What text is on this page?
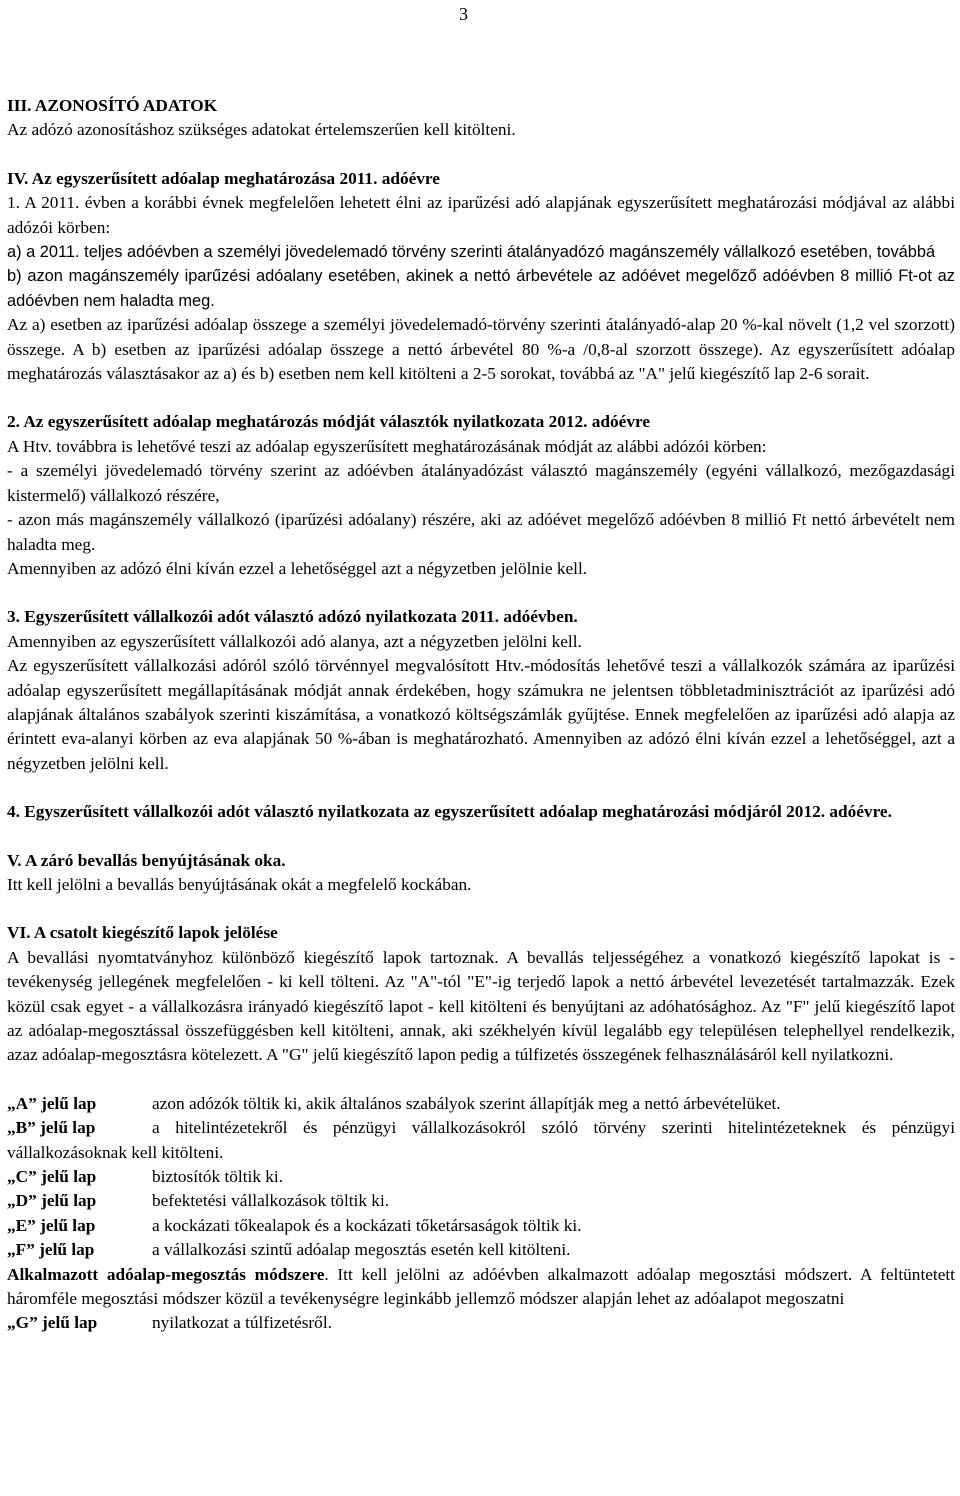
3
III. AZONOSÍTÓ ADATOK

Az adózó azonosításhoz szükséges adatokat értelemszerűen kell kitölteni.

IV. Az egyszerűsített adóalap meghatározása 2011. adóévre

1. A 2011. évben a korábbi évnek megfelelően lehetett élni az iparűzési adó alapjának egyszerűsített meghatározási módjával az alábbi adózói körben:

a) a 2011. teljes adóévben a személyi jövedelemadó törvény szerinti átalányadózó magánszemély vállalkozó esetében, továbbá

b) azon magánszemély iparűzési adóalany esetében, akinek a nettó árbevétele az adóévet megelőző adóévben 8 millió Ft-ot az adóévben nem haladta meg.

Az a) esetben az iparűzési adóalap összege a személyi jövedelemadó-törvény szerinti átalányadó-alap 20 %-kal növelt (1,2 vel szorzott) összege. A b) esetben az iparűzési adóalap összege a nettó árbevétel 80 %-a /0,8-al szorzott összege). Az egyszerűsített adóalap meghatározás választásakor az a) és b) esetben nem kell kitölteni a 2-5 sorokat, továbbá az "A" jelű kiegészítő lap 2-6 sorait.

2. Az egyszerűsített adóalap meghatározás módját választók nyilatkozata 2012. adóévre

A Htv. továbbra is lehetővé teszi az adóalap egyszerűsített meghatározásának módját az alábbi adózói körben:

- a személyi jövedelemadó törvény szerint az adóévben átalányadózást választó magánszemély (egyéni vállalkozó, mezőgazdasági kistermelő) vállalkozó részére,

- azon más magánszemély vállalkozó (iparűzési adóalany) részére, aki az adóévet megelőző adóévben 8 millió Ft nettó árbevételt nem haladta meg.

Amennyiben az adózó élni kíván ezzel a lehetőséggel azt a négyzetben jelölnie kell.

3. Egyszerűsített vállalkozói adót választó adózó nyilatkozata 2011. adóévben.

Amennyiben az egyszerűsített vállalkozói adó alanya, azt a négyzetben jelölni kell.

Az egyszerűsített vállalkozási adóról szóló törvénnyel megvalósított Htv.-módosítás lehetővé teszi a vállalkozók számára az iparűzési adóalap egyszerűsített megállapításának módját annak érdekében, hogy számukra ne jelentsen többletadminisztrációt az iparűzési adó alapjának általános szabályok szerinti kiszámítása, a vonatkozó költségszámlák gyűjtése. Ennek megfelelően az iparűzési adó alapja az érintett eva-alanyi körben az eva alapjának 50 %-ában is meghatározható. Amennyiben az adózó élni kíván ezzel a lehetőséggel, azt a négyzetben jelölni kell.

4. Egyszerűsített vállalkozói adót választó nyilatkozata az egyszerűsített adóalap meghatározási módjáról 2012. adóévre.

V. A záró bevallás benyújtásának oka.

Itt kell jelölni a bevallás benyújtásának okát a megfelelő kockában.

VI. A csatolt kiegészítő lapok jelölése

A bevallási nyomtatványhoz különböző kiegészítő lapok tartoznak. A bevallás teljességéhez a vonatkozó kiegészítő lapokat is - tevékenység jellegének megfelelően - ki kell tölteni. Az "A"-tól "E"-ig terjedő lapok a nettó árbevétel levezetését tartalmazzák. Ezek közül csak egyet - a vállalkozásra irányadó kiegészítő lapot - kell kitölteni és benyújtani az adóhatósághoz. Az "F" jelű kiegészítő lapot az adóalap-megosztással összefüggésben kell kitölteni, annak, aki székhelyén kívül legalább egy településen telephellyel rendelkezik, azaz adóalap-megosztásra kötelezett. A "G" jelű kiegészítő lapon pedig a túlfizetés összegének felhasználásáról kell nyilatkozni.

„A” jelű lap	azon adózók töltik ki, akik általános szabályok szerint állapítják meg a nettó árbevételüket.

„B” jelű lap	a hitelintézetekről és pénzügyi vállalkozásokról szóló törvény szerinti hitelintézeteknek és pénzügyi vállalkozásoknak kell kitölteni.

„C” jelű lap	biztosítók töltik ki.
„D” jelű lap	befektetési vállalkozások töltik ki.
„E” jelű lap	a kockázati tőkealapok és a kockázati tőketársaságok töltik ki.
„F” jelű lap	a vállalkozási szintű adóalap megosztás esetén kell kitölteni.

Alkalmazott adóalap-megosztás módszere. Itt kell jelölni az adóévben alkalmazott adóalap megosztási módszert. A feltüntetett háromféle megosztási módszer közül a tevékenységre leginkább jellemző módszer alapján lehet az adóalapot megoszatni

„G” jelű lap	nyilatkozat a túlfizetésről.
